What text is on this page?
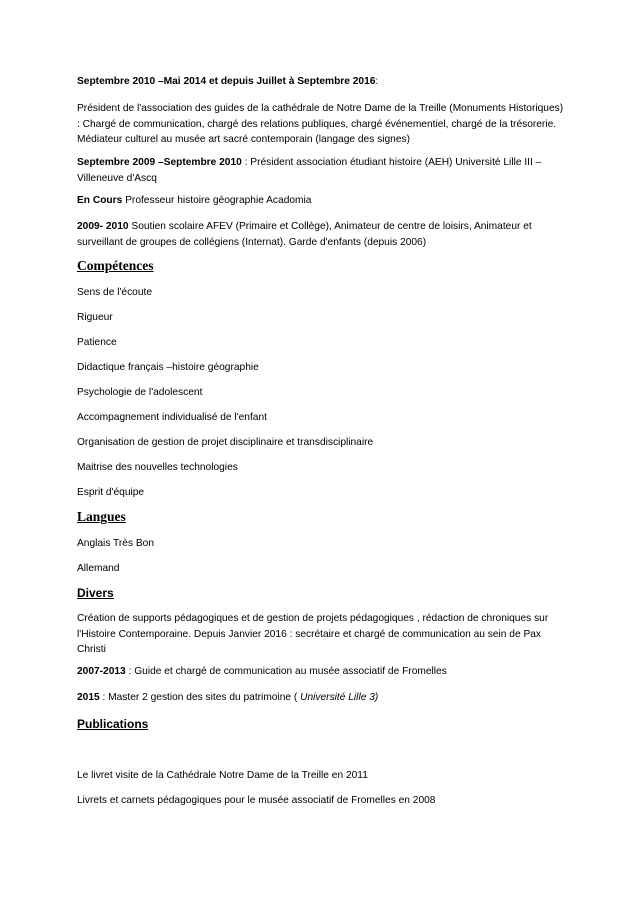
Septembre 2010 –Mai 2014 et depuis Juillet à Septembre 2016:

Président de l'association des guides de la cathédrale de Notre Dame de la Treille (Monuments Historiques) : Chargé de communication, chargé des relations publiques, chargé événementiel, chargé de la trésorerie. Médiateur culturel au musée art sacré contemporain (langage des signes)

Septembre 2009 –Septembre 2010 : Président association étudiant histoire (AEH) Université Lille III –Villeneuve d'Ascq

En Cours Professeur histoire géographie Acadomia

2009- 2010 Soutien scolaire AFEV (Primaire et Collège), Animateur de centre de loisirs, Animateur et surveillant de groupes de collégiens (Internat). Garde d'enfants (depuis 2006)

Compétences

Sens de l'écoute

Rigueur

Patience

Didactique français –histoire géographie

Psychologie de l'adolescent

Accompagnement individualisé de l'enfant

Organisation de gestion de projet disciplinaire et transdisciplinaire

Maitrise des nouvelles technologies

Esprit d'équipe

Langues

Anglais Très Bon

Allemand

Divers

Création de supports pédagogiques et de gestion de projets pédagogiques , rédaction de chroniques sur l'Histoire Contemporaine. Depuis Janvier 2016 : secrétaire et chargé de communication au sein de Pax Christi

2007-2013 : Guide et chargé de communication au musée associatif de Fromelles

2015 : Master 2 gestion des sites du patrimoine ( Université Lille 3)

Publications

Le livret visite de la Cathédrale Notre Dame de la Treille en 2011

Livrets et carnets pédagogiques pour le musée associatif de Fromelles en 2008
